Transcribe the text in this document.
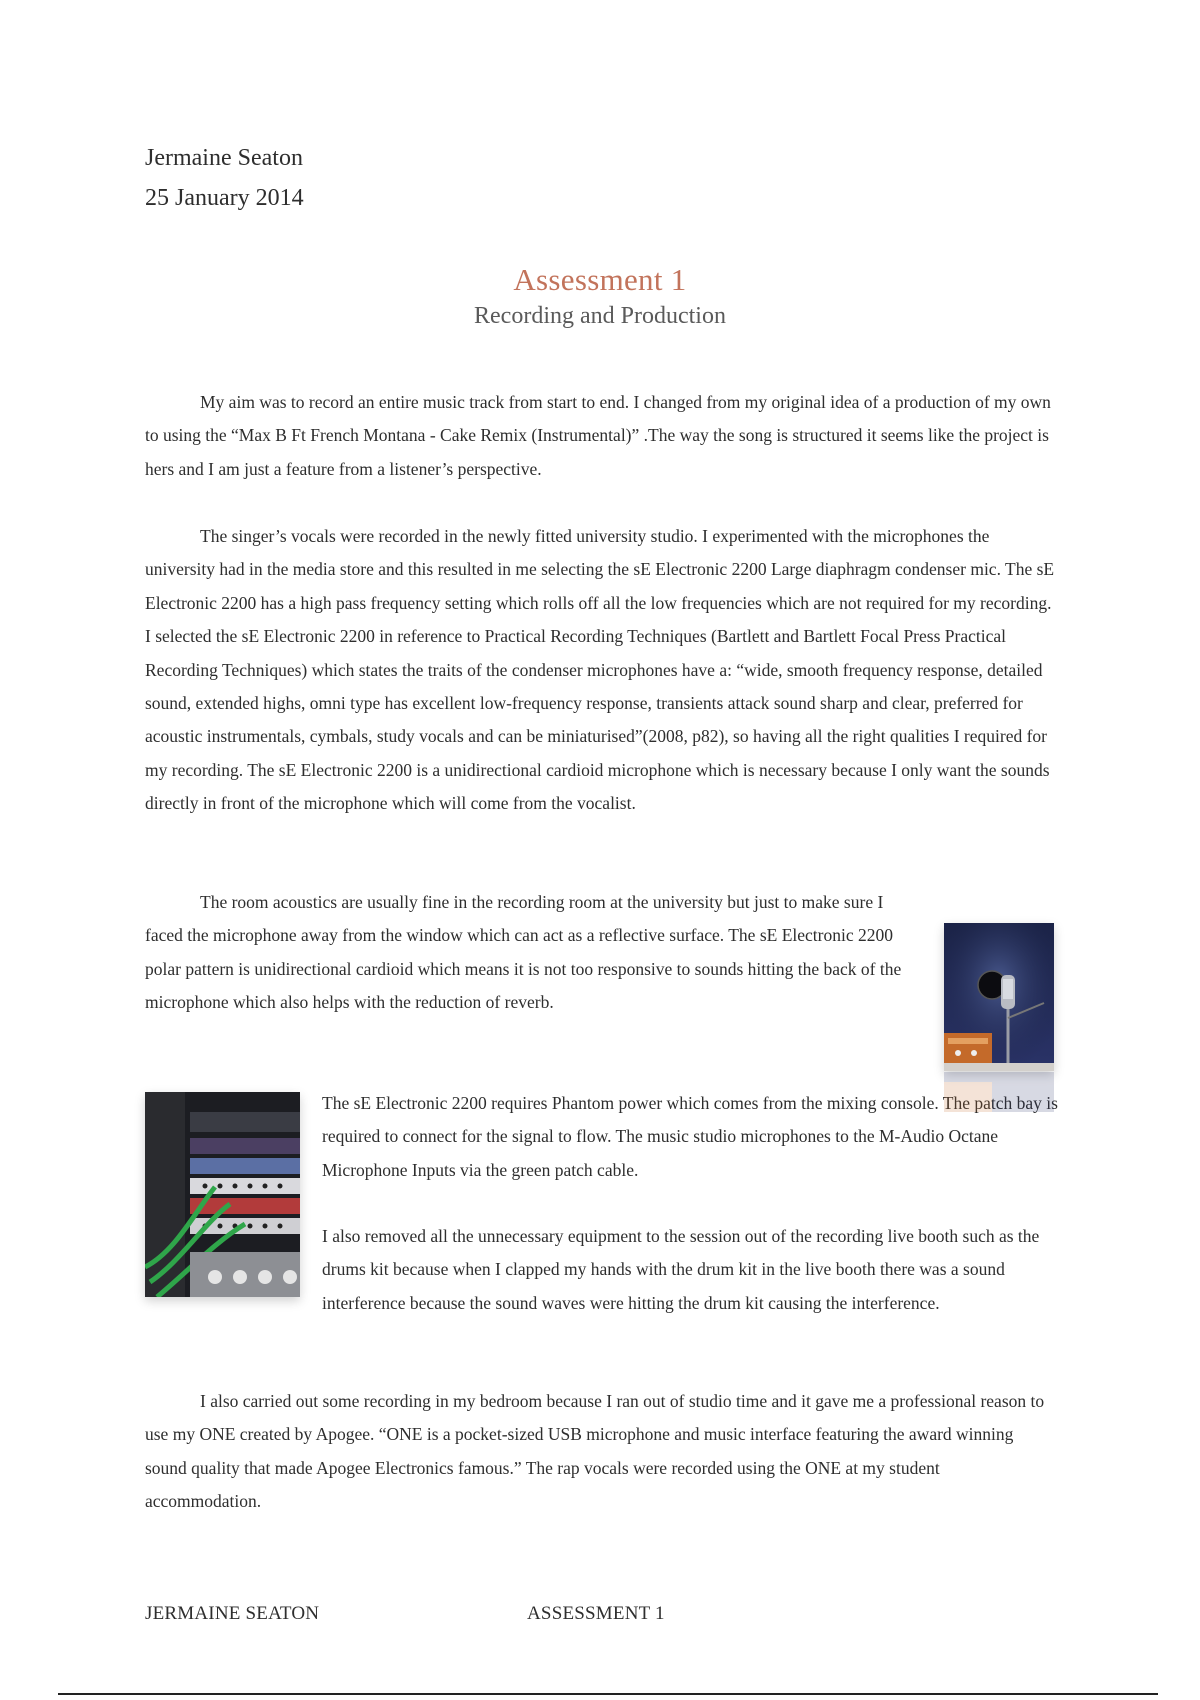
Jermaine Seaton
25 January 2014
Assessment 1
Recording and Production

My aim was to record an entire music track from start to end. I changed from my original idea of a production of my own to using the “Max B Ft French Montana - Cake Remix (Instrumental)” .The way the song is structured it seems like the project is hers and I am just a feature from a listener’s perspective.

The singer’s vocals were recorded in the newly fitted university studio. I experimented with the microphones the university had in the media store and this resulted in me selecting the sE Electronic 2200 Large diaphragm condenser mic. The sE Electronic 2200 has a high pass frequency setting which rolls off all the low frequencies which are not required for my recording. I selected the sE Electronic 2200 in reference to Practical Recording Techniques (Bartlett and Bartlett Focal Press Practical Recording Techniques) which states the traits of the condenser microphones have a: “wide, smooth frequency response, detailed sound, extended highs, omni type has excellent low-frequency response, transients attack sound sharp and clear, preferred for acoustic instrumentals, cymbals, study vocals and can be miniaturised”(2008, p82), so having all the right qualities I required for my recording. The sE Electronic 2200 is a unidirectional cardioid microphone which is necessary because I only want the sounds directly in front of the microphone which will come from the vocalist.

The room acoustics are usually fine in the recording room at the university but just to make sure I faced the microphone away from the window which can act as a reflective surface. The sE Electronic 2200 polar pattern is unidirectional cardioid which means it is not too responsive to sounds hitting the back of the microphone which also helps with the reduction of reverb.

The sE Electronic 2200 requires Phantom power which comes from the mixing console. The patch bay is required to connect for the signal to flow. The music studio microphones to the M-Audio Octane Microphone Inputs via the green patch cable.

I also removed all the unnecessary equipment to the session out of the recording live booth such as the drums kit because when I clapped my hands with the drum kit in the live booth there was a sound interference because the sound waves were hitting the drum kit causing the interference.

I also carried out some recording in my bedroom because I ran out of studio time and it gave me a professional reason to use my ONE created by Apogee. “ONE is a pocket-sized USB microphone and music interface featuring the award winning sound quality that made Apogee Electronics famous.” The rap vocals were recorded using the ONE at my student accommodation.

JERMAINE SEATON	ASSESSMENT 1
